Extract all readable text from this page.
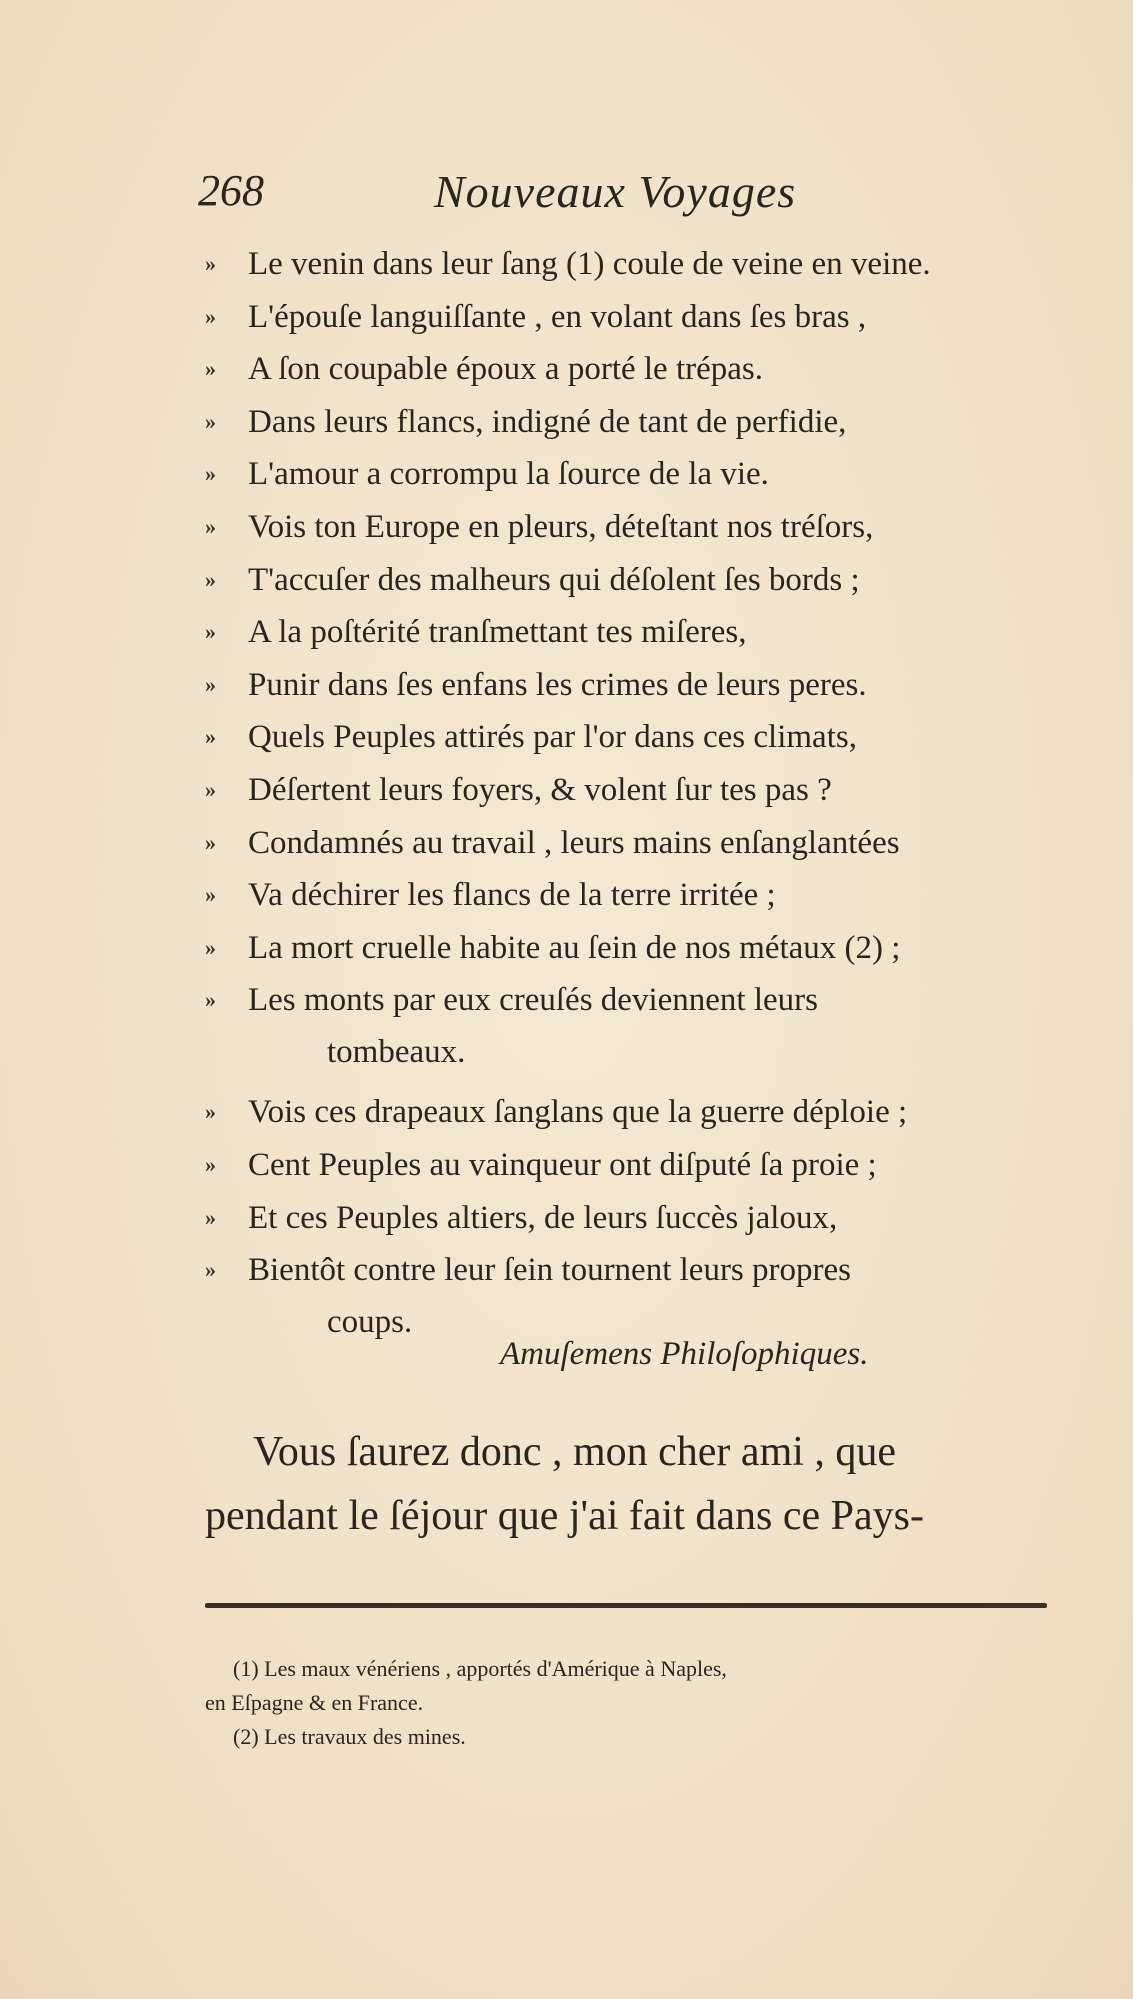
268	Nouveaux Voyages
» Le venin dans leur ſang (1) coule de veine en veine.
» L'épouſe languiſſante , en volant dans ſes bras ,
» A ſon coupable époux a porté le trépas.
» Dans leurs flancs, indigné de tant de perfidie,
» L'amour a corrompu la ſource de la vie.
» Vois ton Europe en pleurs, déteſtant nos tréſors,
» T'accuſer des malheurs qui déſolent ſes bords ;
» A la poſtérité tranſmettant tes miſeres,
» Punir dans ſes enfans les crimes de leurs peres.
» Quels Peuples attirés par l'or dans ces climats,
» Déſertent leurs foyers, & volent ſur tes pas ?
» Condamnés au travail , leurs mains enſanglantées
» Va déchirer les flancs de la terre irritée ;
» La mort cruelle habite au ſein de nos métaux (2) ;
» Les monts par eux creuſés deviennent leurs
tombeaux.
» Vois ces drapeaux ſanglans que la guerre déploie ;
» Cent Peuples au vainqueur ont diſputé ſa proie ;
» Et ces Peuples altiers, de leurs ſuccès jaloux,
» Bientôt contre leur ſein tournent leurs propres
coups.
Amuſemens Philoſophiques.
Vous ſaurez donc , mon cher ami , que
pendant le ſéjour que j'ai fait dans ce Pays-
(1) Les maux vénériens , apportés d'Amérique à Naples,
en Eſpagne & en France.
(2) Les travaux des mines.
